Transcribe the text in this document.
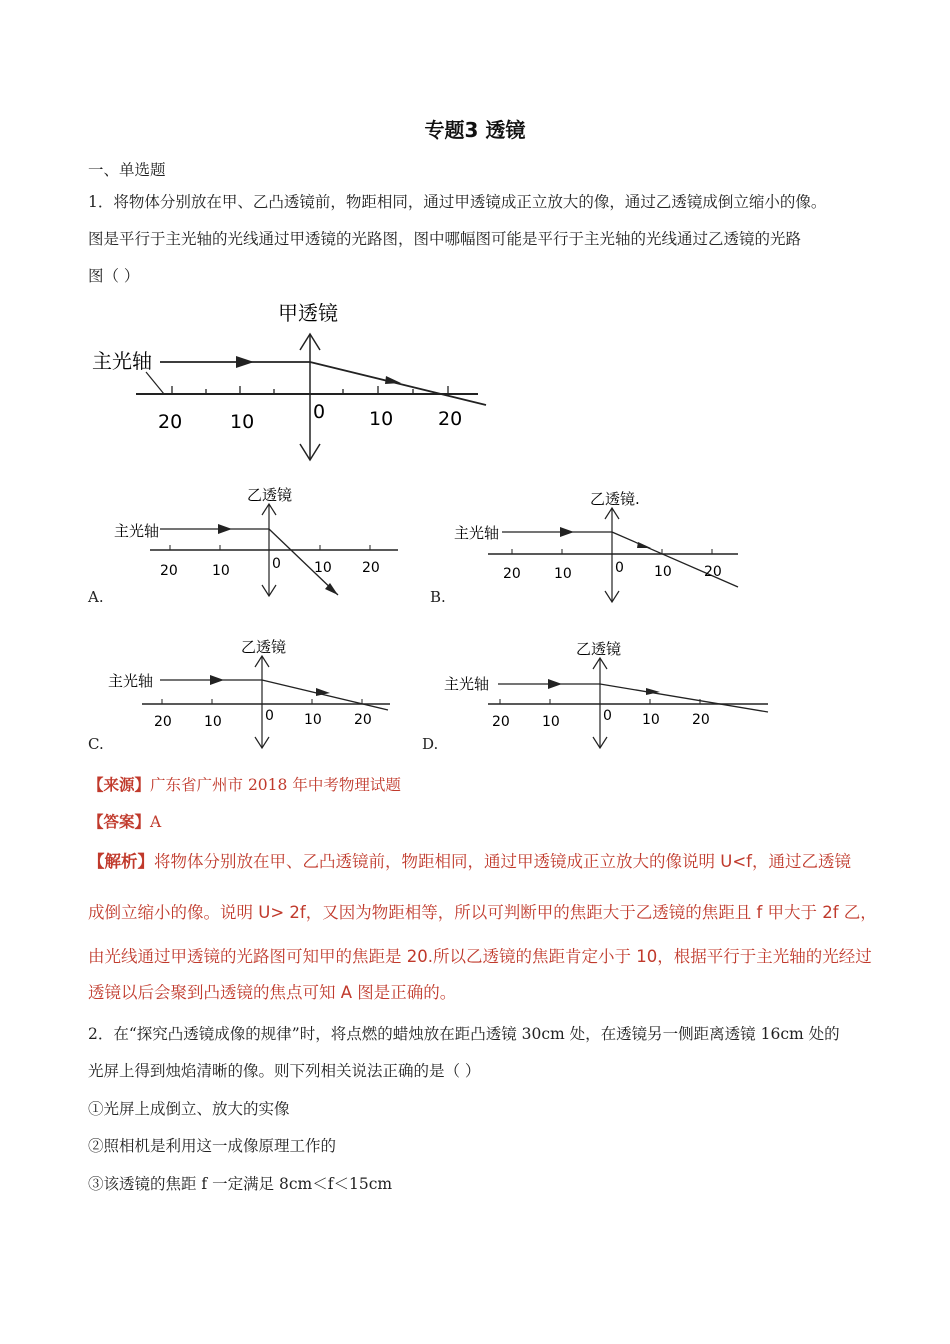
专题3 透镜
一、单选题
1．将物体分别放在甲、乙凸透镜前，物距相同，通过甲透镜成正立放大的像，通过乙透镜成倒立缩小的像。
图是平行于主光轴的光线通过甲透镜的光路图，图中哪幅图可能是平行于主光轴的光线通过乙透镜的光路
图（ ）
甲透镜
主光轴
20	10	0 10 20
乙透镜
主光轴
20 10	0 10 20
A.
乙透镜.
主光轴
20 10	0 10 20
B.
乙透镜
主光轴
20 10	0 10 20
C.
乙透镜
主光轴
20 10	0 10 20
D.
【来源】广东省广州市 2018 年中考物理试题
【答案】A
【解析】将物体分别放在甲、乙凸透镜前，物距相同，通过甲透镜成正立放大的像说明 U<f，通过乙透镜
成倒立缩小的像。说明 U> 2f，又因为物距相等，所以可判断甲的焦距大于乙透镜的焦距且 f 甲大于 2f 乙，
由光线通过甲透镜的光路图可知甲的焦距是 20.所以乙透镜的焦距肯定小于 10，根据平行于主光轴的光经过
透镜以后会聚到凸透镜的焦点可知 A 图是正确的。
2．在“探究凸透镜成像的规律”时，将点燃的蜡烛放在距凸透镜 30cm 处，在透镜另一侧距离透镜 16cm 处的
光屏上得到烛焰清晰的像。则下列相关说法正确的是（ ）
①光屏上成倒立、放大的实像
②照相机是利用这一成像原理工作的
③该透镜的焦距 f 一定满足 8cm＜f＜15cm
